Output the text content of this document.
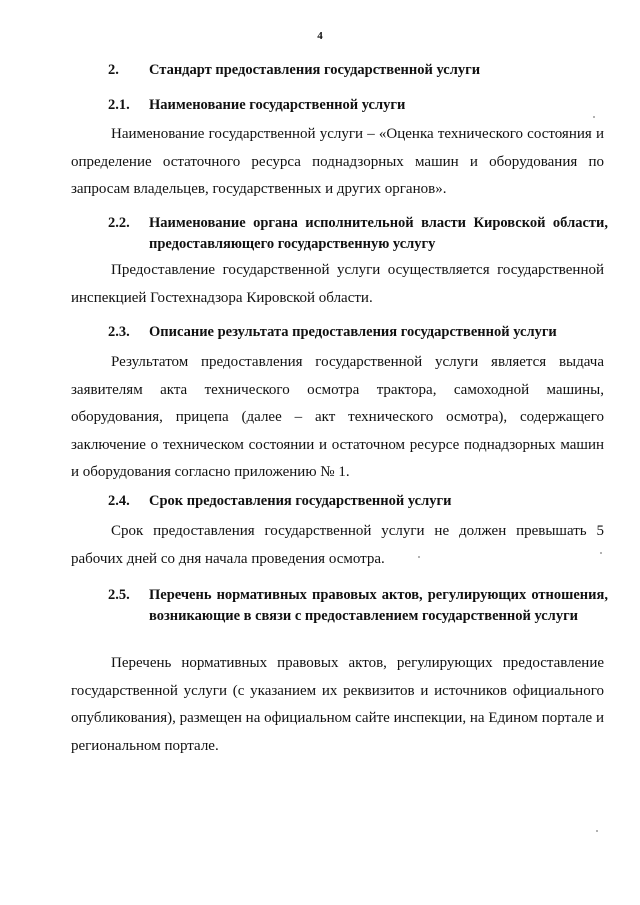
4
2. Стандарт предоставления государственной услуги
2.1. Наименование государственной услуги

Наименование государственной услуги – «Оценка технического состояния и определение остаточного ресурса поднадзорных машин и оборудования по запросам владельцев, государственных и других органов».

2.2. Наименование органа исполнительной власти Кировской области, предоставляющего государственную услугу

Предоставление государственной услуги осуществляется государственной инспекцией Гостехнадзора Кировской области.

2.3. Описание результата предоставления государственной услуги

Результатом предоставления государственной услуги является выдача заявителям акта технического осмотра трактора, самоходной машины, оборудования, прицепа (далее – акт технического осмотра), содержащего заключение о техническом состоянии и остаточном ресурсе поднадзорных машин и оборудования согласно приложению № 1.

2.4. Срок предоставления государственной услуги

Срок предоставления государственной услуги не должен превышать 5 рабочих дней со дня начала проведения осмотра.

2.5. Перечень нормативных правовых актов, регулирующих отношения, возникающие в связи с предоставлением государственной услуги

Перечень нормативных правовых актов, регулирующих предоставление государственной услуги (с указанием их реквизитов и источников официального опубликования), размещен на официальном сайте инспекции, на Едином портале и региональном портале.
